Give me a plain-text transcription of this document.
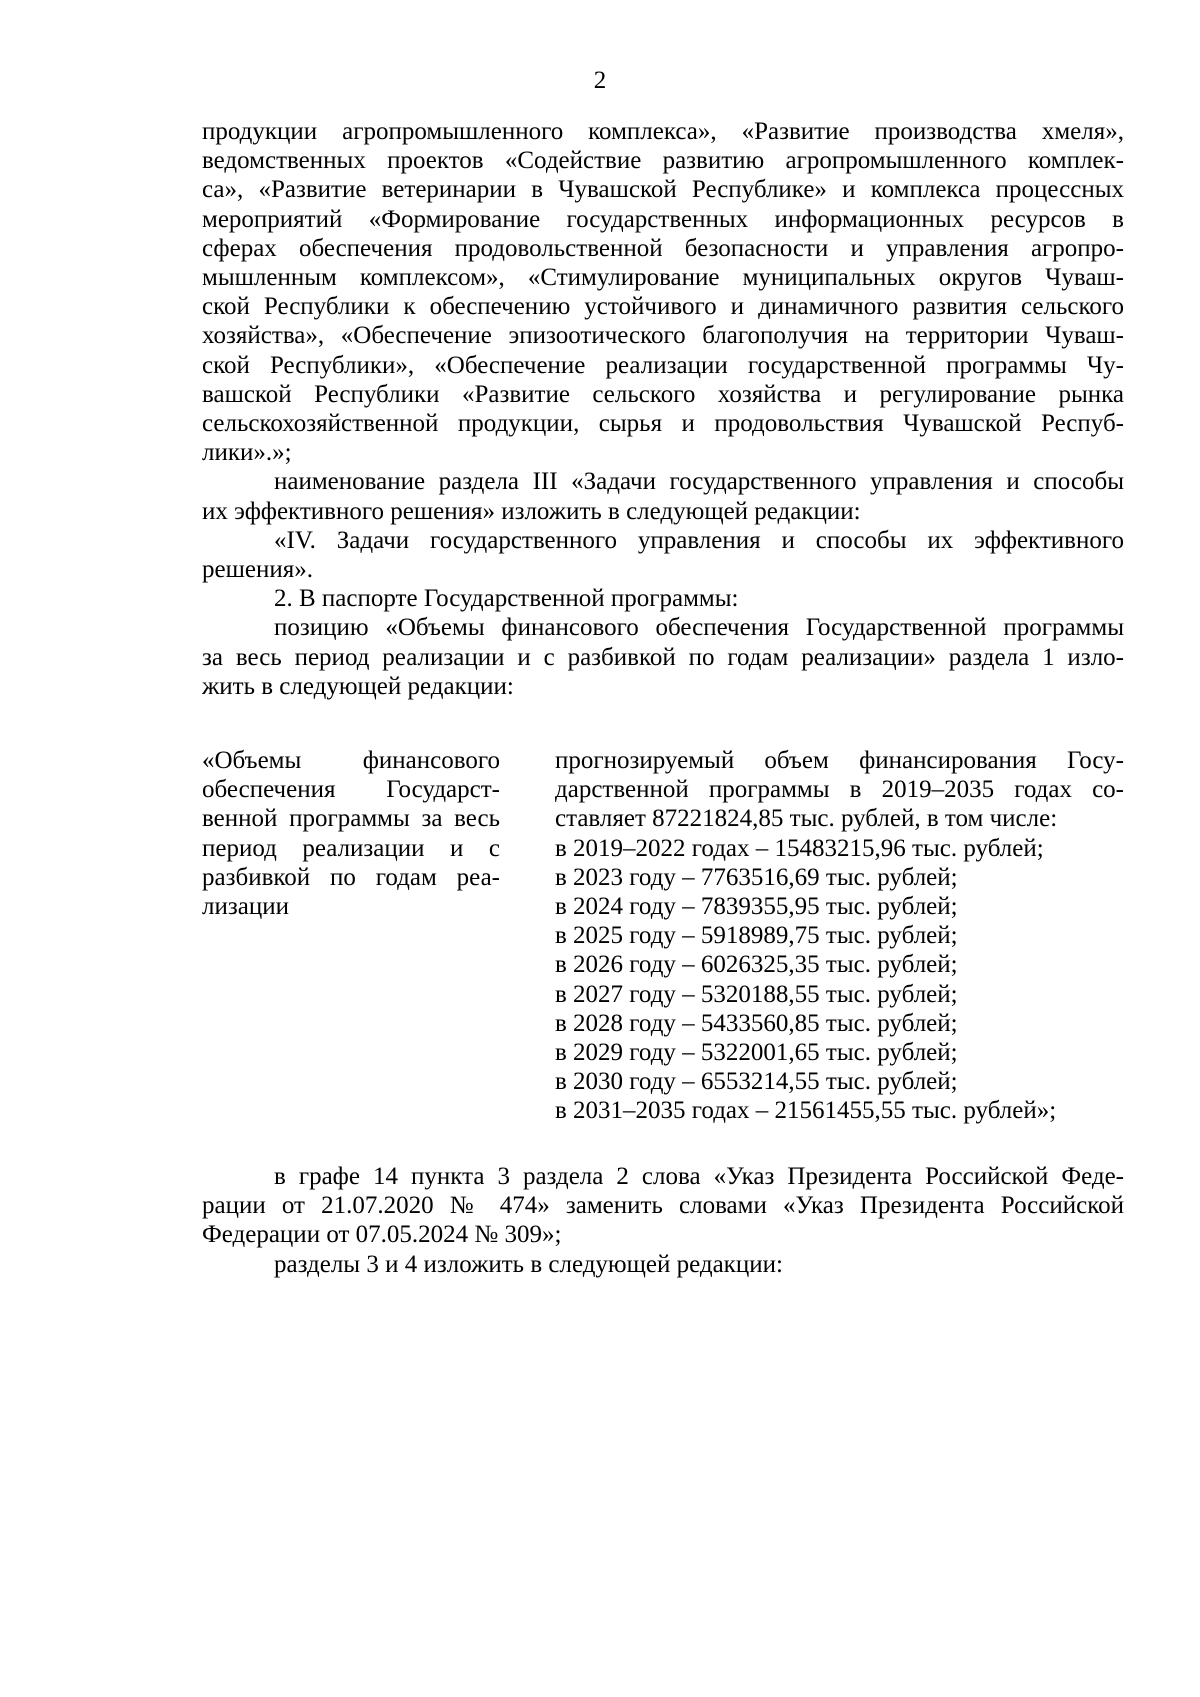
2
продукции агропромышленного комплекса», «Развитие производства хмеля»,
ведомственных проектов «Содействие развитию агропромышленного комплек-
са», «Развитие ветеринарии в Чувашской Республике» и комплекса процессных
мероприятий «Формирование государственных информационных ресурсов в
сферах обеспечения продовольственной безопасности и управления агропро-
мышленным комплексом», «Стимулирование муниципальных округов Чуваш-
ской Республики к обеспечению устойчивого и динамичного развития сельского
хозяйства», «Обеспечение эпизоотического благополучия на территории Чуваш-
ской Республики», «Обеспечение реализации государственной программы Чу-
вашской Республики «Развитие сельского хозяйства и регулирование рынка
сельскохозяйственной продукции, сырья и продовольствия Чувашской Респуб-
лики».»;
наименование раздела III «Задачи государственного управления и способы
их эффективного решения» изложить в следующей редакции:
«IV. Задачи государственного управления и способы их эффективного
решения».
2. В паспорте Государственной программы:
позицию «Объемы финансового обеспечения Государственной программы
за весь период реализации и с разбивкой по годам реализации» раздела 1 изло-
жить в следующей редакции:
«Объемы финансового
обеспечения Государст-
венной программы за весь
период реализации и с
разбивкой по годам реа-
лизации
прогнозируемый объем финансирования Госу-
дарственной программы в 2019–2035 годах со-
ставляет 87221824,85 тыс. рублей, в том числе:
в 2019–2022 годах – 15483215,96 тыс. рублей;
в 2023 году – 7763516,69 тыс. рублей;
в 2024 году – 7839355,95 тыс. рублей;
в 2025 году – 5918989,75 тыс. рублей;
в 2026 году – 6026325,35 тыс. рублей;
в 2027 году – 5320188,55 тыс. рублей;
в 2028 году – 5433560,85 тыс. рублей;
в 2029 году – 5322001,65 тыс. рублей;
в 2030 году – 6553214,55 тыс. рублей;
в 2031–2035 годах – 21561455,55 тыс. рублей»;
в графе 14 пункта 3 раздела 2 слова «Указ Президента Российской Феде-
рации от 21.07.2020 № 474» заменить словами «Указ Президента Российской
Федерации от 07.05.2024 № 309»;
разделы 3 и 4 изложить в следующей редакции:
